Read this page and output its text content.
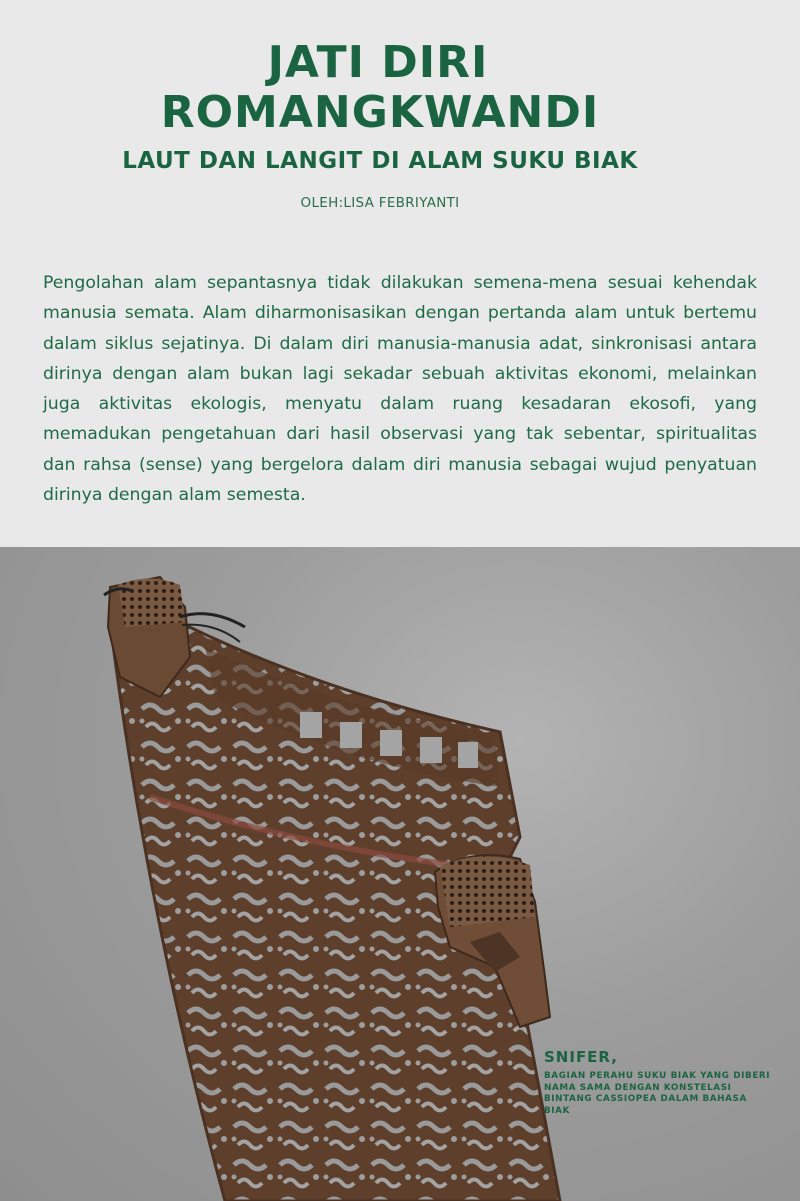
JATI DIRI
ROMANGKWANDI
LAUT DAN LANGIT DI ALAM SUKU BIAK
OLEH:LISA FEBRIYANTI

Pengolahan alam sepantasnya tidak dilakukan semena-mena sesuai kehendak manusia semata. Alam diharmonisasikan dengan pertanda alam untuk bertemu dalam siklus sejatinya. Di dalam diri manusia-manusia adat, sinkronisasi antara dirinya dengan alam bukan lagi sekadar sebuah aktivitas ekonomi, melainkan juga aktivitas ekologis, menyatu dalam ruang kesadaran ekosofi, yang memadukan pengetahuan dari hasil observasi yang tak sebentar, spiritualitas dan rahsa (sense) yang bergelora dalam diri manusia sebagai wujud penyatuan dirinya dengan alam semesta.

SNIFER,
BAGIAN PERAHU SUKU BIAK YANG DIBERI NAMA SAMA DENGAN KONSTELASI BINTANG CASSIOPEA DALAM BAHASA BIAK
